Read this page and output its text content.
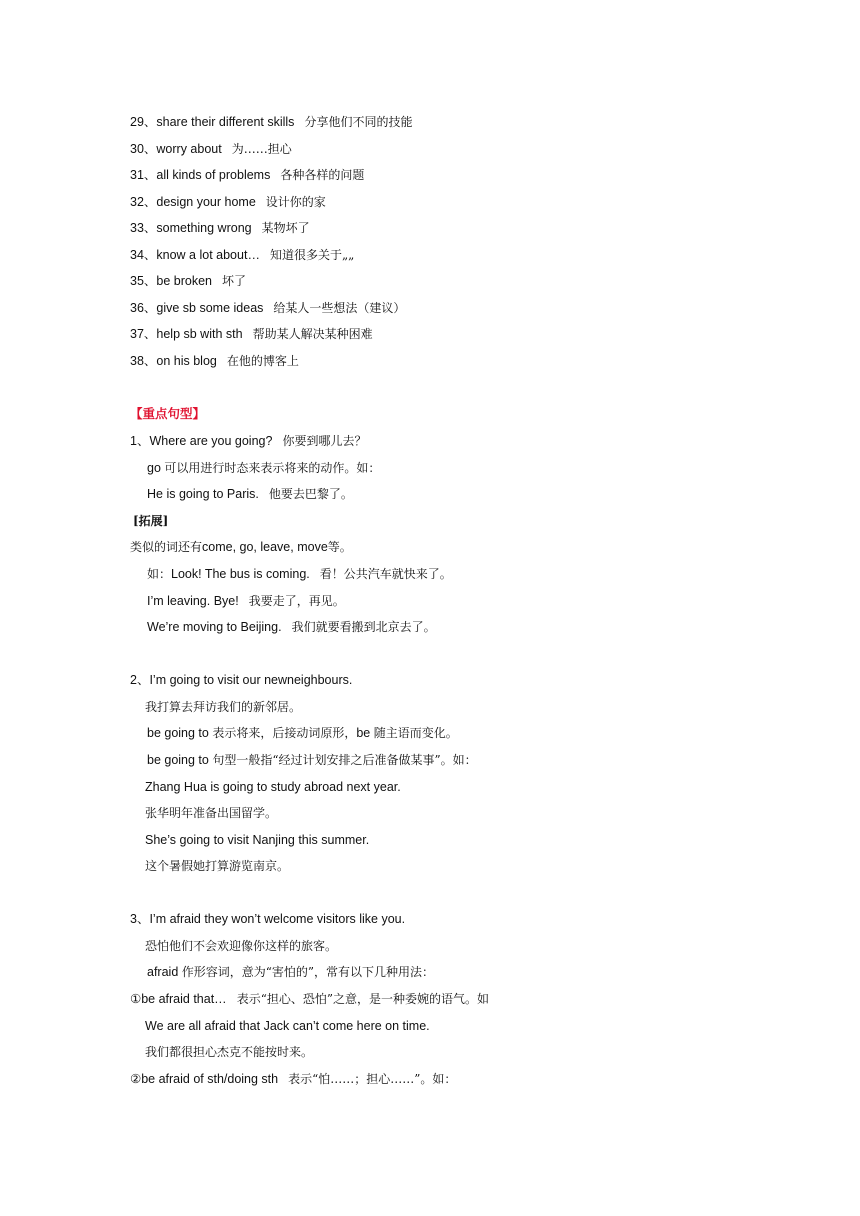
29、share their different skills 分享他们不同的技能
30、worry about 为……担心
31、all kinds of problems 各种各样的问题
32、design your home 设计你的家
33、something wrong 某物坏了
34、know a lot about… 知道很多关于„„
35、be broken 坏了
36、give sb some ideas 给某人一些想法（建议）
37、help sb with sth 帮助某人解决某种困难
38、on his blog 在他的博客上
【重点句型】
1、Where are you going? 你要到哪儿去？
go 可以用进行时态来表示将来的动作。如：
He is going to Paris. 他要去巴黎了。
[拓展]
类似的词还有come, go, leave, move等。
如：Look! The bus is coming. 看！公共汽车就快来了。
I’m leaving. Bye! 我要走了，再见。
We’re moving to Beijing. 我们就要看搬到北京去了。
2、I’m going to visit our newneighbours.
我打算去拜访我们的新邻居。
be going to 表示将来，后接动词原形，be 随主语而变化。
be going to 句型一般指“经过计划安排之后准备做某事”。如：
Zhang Hua is going to study abroad next year.
张华明年准备出国留学。
She’s going to visit Nanjing this summer.
这个暑假她打算游览南京。
3、I’m afraid they won’t welcome visitors like you.
恐怕他们不会欢迎像你这样的旅客。
afraid 作形容词，意为“害怕的”，常有以下几种用法：
①be afraid that… 表示“担心、恐怕”之意，是一种委婉的语气。如
We are all afraid that Jack can’t come here on time.
我们都很担心杰克不能按时来。
②be afraid of sth/doing sth 表示“怕……；担心……”。如：
